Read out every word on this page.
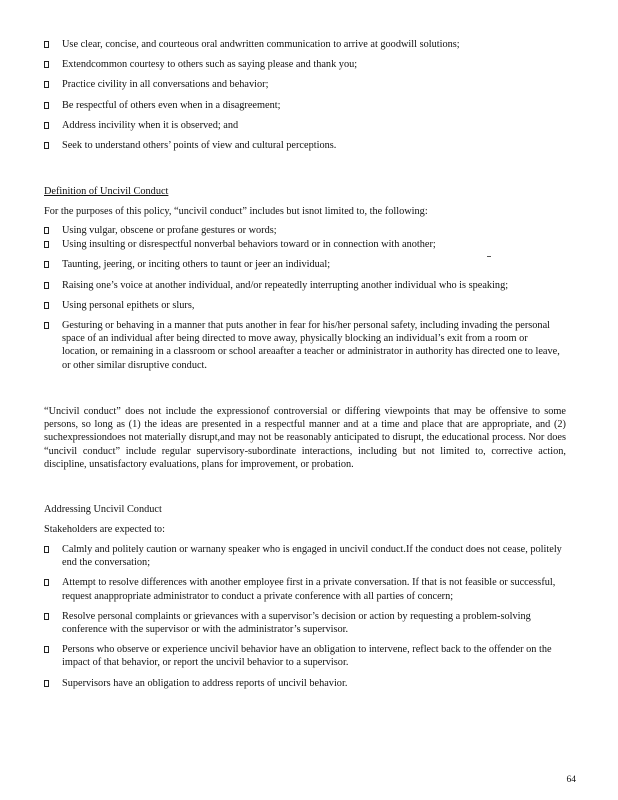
Use clear, concise, and courteous oral andwritten communication to arrive at goodwill solutions;
Extendcommon courtesy to others such as saying please and thank you;
Practice civility in all conversations and behavior;
Be respectful of others even when in a disagreement;
Address incivility when it is observed; and
Seek to understand others’ points of view and cultural perceptions.

Definition of Uncivil Conduct

For the purposes of this policy, “uncivil conduct” includes but isnot limited to, the following:

Using vulgar, obscene or profane gestures or words;
Using insulting or disrespectful nonverbal behaviors toward or in connection with another;
Taunting, jeering, or inciting others to taunt or jeer an individual;
Raising one’s voice at another individual, and/or repeatedly interrupting another individual who is speaking;
Using personal epithets or slurs,
Gesturing or behaving in a manner that puts another in fear for his/her personal safety, including invading the personal space of an individual after being directed to move away, physically blocking an individual’s exit from a room or location, or remaining in a classroom or school areaafter a teacher or administrator in authority has directed one to leave, or other similar disruptive conduct.

“Uncivil conduct” does not include the expressionof controversial or differing viewpoints that may be offensive to some persons, so long as (1) the ideas are presented in a respectful manner and at a time and place that are appropriate, and (2) suchexpressiondoes not materially disrupt,and may not be reasonably anticipated to disrupt, the educational process. Nor does “uncivil conduct” include regular supervisory-subordinate interactions, including but not limited to, corrective action, discipline, unsatisfactory evaluations, plans for improvement, or probation.

Addressing Uncivil Conduct

Stakeholders are expected to:

Calmly and politely caution or warnany speaker who is engaged in uncivil conduct.If the conduct does not cease, politely end the conversation;
Attempt to resolve differences with another employee first in a private conversation. If that is not feasible or successful, request anappropriate administrator to conduct a private conference with all parties of concern;
Resolve personal complaints or grievances with a supervisor’s decision or action by requesting a problem-solving conference with the supervisor or with the administrator’s supervisor.
Persons who observe or experience uncivil behavior have an obligation to intervene, reflect back to the offender on the impact of that behavior, or report the uncivil behavior to a supervisor.
Supervisors have an obligation to address reports of uncivil behavior.
64
